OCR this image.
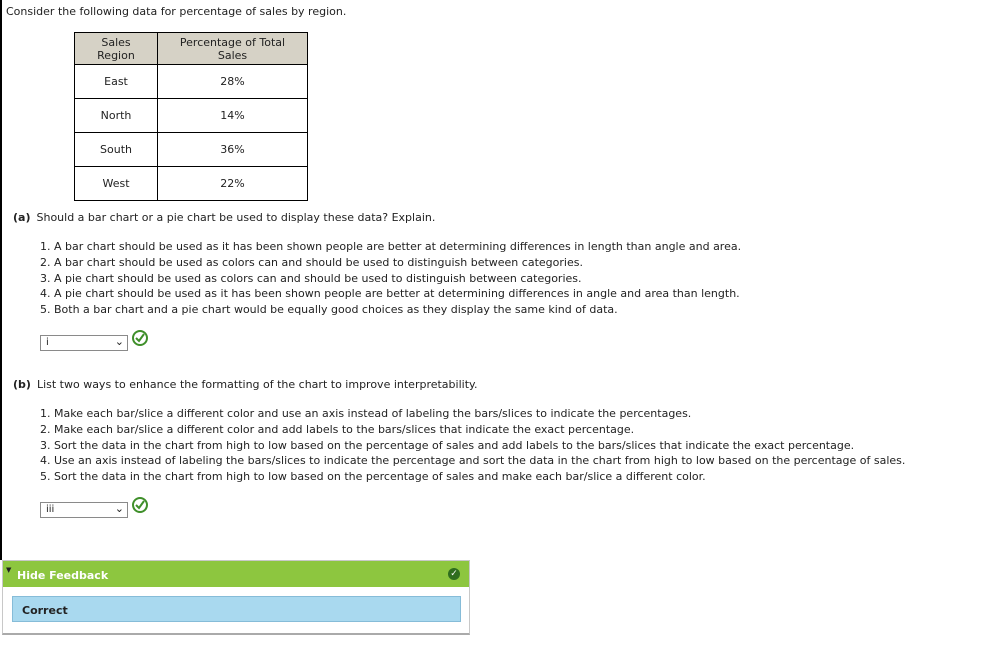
Consider the following data for percentage of sales by region.
Sales Region	Percentage of Total Sales
East	28%
North	14%
South	36%
West	22%
(a) Should a bar chart or a pie chart be used to display these data? Explain.
1. A bar chart should be used as it has been shown people are better at determining differences in length than angle and area.
2. A bar chart should be used as colors can and should be used to distinguish between categories.
3. A pie chart should be used as colors can and should be used to distinguish between categories.
4. A pie chart should be used as it has been shown people are better at determining differences in angle and area than length.
5. Both a bar chart and a pie chart would be equally good choices as they display the same kind of data.
i	⌄
(b) List two ways to enhance the formatting of the chart to improve interpretability.
1. Make each bar/slice a different color and use an axis instead of labeling the bars/slices to indicate the percentages.
2. Make each bar/slice a different color and add labels to the bars/slices that indicate the exact percentage.
3. Sort the data in the chart from high to low based on the percentage of sales and add labels to the bars/slices that indicate the exact percentage.
4. Use an axis instead of labeling the bars/slices to indicate the percentage and sort the data in the chart from high to low based on the percentage of sales.
5. Sort the data in the chart from high to low based on the percentage of sales and make each bar/slice a different color.
iii	⌄
▼ Hide Feedback	✓
Correct
